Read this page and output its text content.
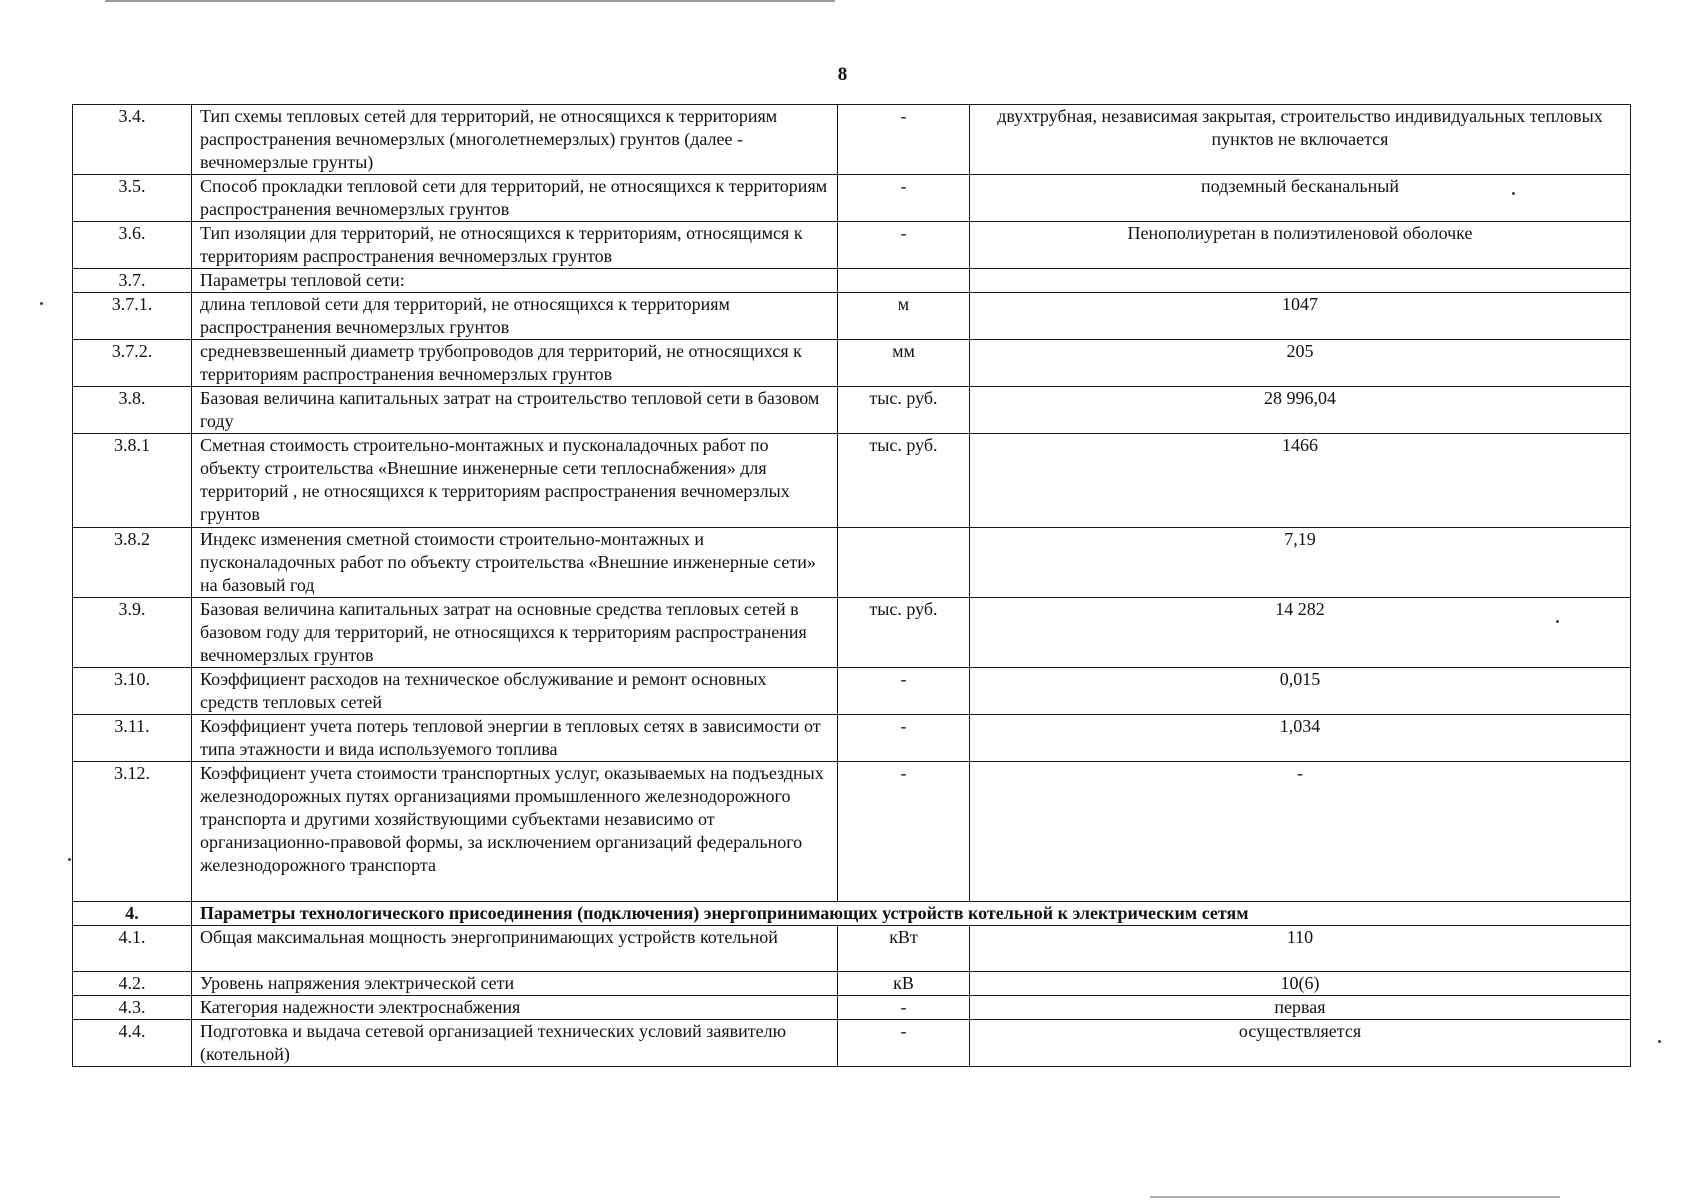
8
3.4.	Тип схемы тепловых сетей для территорий, не относящихся к территориям распространения вечномерзлых (многолетнемерзлых) грунтов (далее - вечномерзлые грунты)	-	двухтрубная, независимая закрытая, строительство индивидуальных тепловых пунктов не включается
3.5.	Способ прокладки тепловой сети для территорий, не относящихся к территориям распространения вечномерзлых грунтов	-	подземный бесканальный
3.6.	Тип изоляции для территорий, не относящихся к территориям, относящимся к территориям распространения вечномерзлых грунтов	-	Пенополиуретан в полиэтиленовой оболочке
3.7.	Параметры тепловой сети:		
3.7.1.	длина тепловой сети для территорий, не относящихся к территориям распространения вечномерзлых грунтов	м	1047
3.7.2.	средневзвешенный диаметр трубопроводов для территорий, не относящихся к территориям распространения вечномерзлых грунтов	мм	205
3.8.	Базовая величина капитальных затрат на строительство тепловой сети в базовом году	тыс. руб.	28 996,04
3.8.1	Сметная стоимость строительно-монтажных и пусконаладочных работ по объекту строительства «Внешние инженерные сети теплоснабжения» для территорий , не относящихся к территориям распространения вечномерзлых грунтов	тыс. руб.	1466
3.8.2	Индекс изменения сметной стоимости строительно-монтажных и пусконаладочных работ по объекту строительства «Внешние инженерные сети» на базовый год		7,19
3.9.	Базовая величина капитальных затрат на основные средства тепловых сетей в базовом году для территорий, не относящихся к территориям распространения вечномерзлых грунтов	тыс. руб.	14 282
3.10.	Коэффициент расходов на техническое обслуживание и ремонт основных средств тепловых сетей	-	0,015
3.11.	Коэффициент учета потерь тепловой энергии в тепловых сетях в зависимости от типа этажности и вида используемого топлива	-	1,034
3.12.	Коэффициент учета стоимости транспортных услуг, оказываемых на подъездных железнодорожных путях организациями промышленного железнодорожного транспорта и другими хозяйствующими субъектами независимо от организационно-правовой формы, за исключением организаций федерального железнодорожного транспорта	-	-
4.	Параметры технологического присоединения (подключения) энергопринимающих устройств котельной к электрическим сетям		
4.1.	Общая максимальная мощность энергопринимающих устройств котельной	кВт	110
4.2.	Уровень напряжения электрической сети	кВ	10(6)
4.3.	Категория надежности электроснабжения	-	первая
4.4.	Подготовка и выдача сетевой организацией технических условий заявителю (котельной)	-	осуществляется
